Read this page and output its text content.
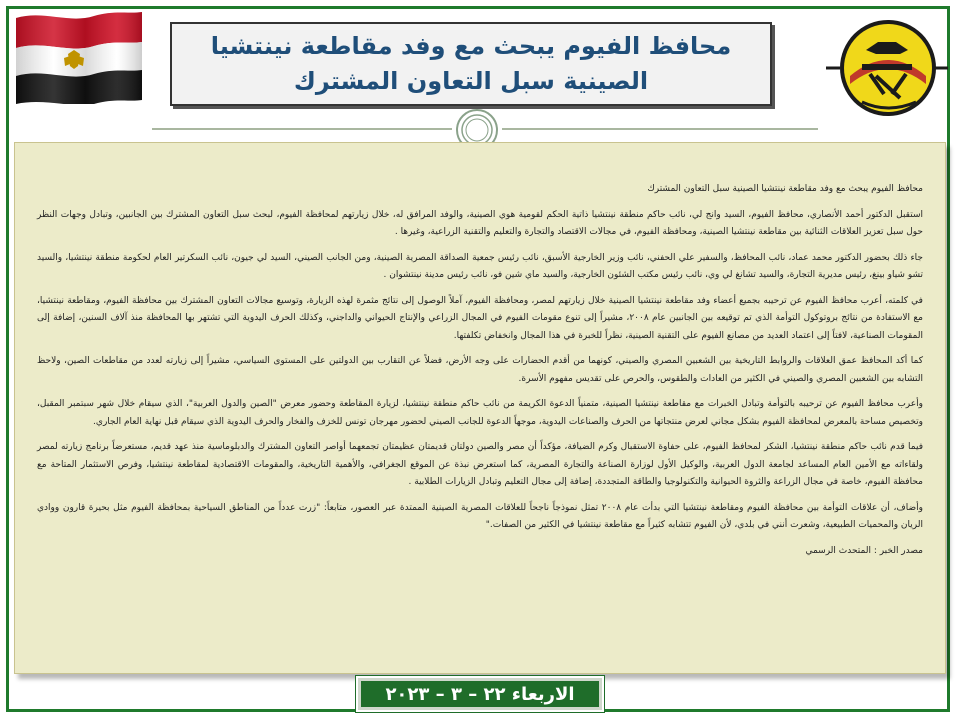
محافظ الفيوم يبحث مع وفد مقاطعة نينتشيا الصينية سبل التعاون المشترك

محافظ الفيوم يبحث مع وفد مقاطعة نينتشيا الصينية سبل التعاون المشترك

استقبل الدكتور أحمد الأنصاري، محافظ الفيوم، السيد وانج لي، نائب حاكم منطقة نينتشيا ذاتية الحكم لقومية هوي الصينية، والوفد المرافق له، خلال زيارتهم لمحافظة الفيوم، لبحث سبل التعاون المشترك بين الجانبين، وتبادل وجهات النظر حول سبل تعزيز العلاقات الثنائية بين مقاطعة نينتشيا الصينية، ومحافظة الفيوم، في مجالات الاقتصاد والتجارة والتعليم والتقنية الزراعية، وغيرها .

جاء ذلك بحضور الدكتور محمد عماد، نائب المحافظ، والسفير علي الحفني، نائب وزير الخارجية الأسبق، نائب رئيس جمعية الصداقة المصرية الصينية، ومن الجانب الصيني، السيد لي جيون، نائب السكرتير العام لحكومة منطقة نينتشيا، والسيد تشو شياو بينغ، رئيس مديرية التجارة، والسيد تشانغ لي وي، نائب رئيس مكتب الشئون الخارجية، والسيد ماي شين فو، نائب رئيس مدينة نينتشوان .

في كلمته، أعرب محافظ الفيوم عن ترحيبه بجميع أعضاء وفد مقاطعة نينتشيا الصينية خلال زيارتهم لمصر، ومحافظة الفيوم، آملاً الوصول إلى نتائج مثمرة لهذه الزيارة، وتوسيع مجالات التعاون المشترك بين محافظة الفيوم، ومقاطعة نينتشيا، مع الاستفادة من نتائج بروتوكول التوأمة الذي تم توقيعه بين الجانبين عام ٢٠٠٨، مشيراً إلى تنوع مقومات الفيوم في المجال الزراعي والإنتاج الحيواني والداجني، وكذلك الحرف اليدوية التي تشتهر بها المحافظة منذ آلاف السنين، إضافة إلى المقومات الصناعية، لافتاً إلى اعتماد العديد من مصانع الفيوم على التقنية الصينية، نظراً للخبرة في هذا المجال وانخفاض تكلفتها.

كما أكد المحافظ عمق العلاقات والروابط التاريخية بين الشعبين المصري والصيني، كونهما من أقدم الحضارات على وجه الأرض، فضلاً عن التقارب بين الدولتين على المستوى السياسي، مشيراً إلى زيارته لعدد من مقاطعات الصين، ولاحظ التشابه بين الشعبين المصري والصيني في الكثير من العادات والطقوس، والحرص على تقديس مفهوم الأسرة.

وأعرب محافظ الفيوم عن ترحيبه بالتوأمة وتبادل الخبرات مع مقاطعة نينتشيا الصينية، متمنياً الدعوة الكريمة من نائب حاكم منطقة نينتشيا، لزيارة المقاطعة وحضور معرض "الصين والدول العربية"، الذي سيقام خلال شهر سبتمبر المقبل، وتخصيص مساحة بالمعرض لمحافظة الفيوم بشكل مجاني لعرض منتجاتها من الحرف والصناعات اليدوية، موجهاً الدعوة للجانب الصيني لحضور مهرجان تونس للخزف والفخار والحرف اليدوية الذي سيقام قبل نهاية العام الجاري.

فيما قدم نائب حاكم منطقة نينتشيا، الشكر لمحافظ الفيوم، على حفاوة الاستقبال وكرم الضيافة، مؤكداً أن مصر والصين دولتان قديمتان عظيمتان تجمعهما أواصر التعاون المشترك والدبلوماسية منذ عهد قديم، مستعرضاً برنامج زيارته لمصر ولقاءاته مع الأمين العام المساعد لجامعة الدول العربية، والوكيل الأول لوزارة الصناعة والتجارة المصرية، كما استعرض نبذة عن الموقع الجغرافي، والأهمية التاريخية، والمقومات الاقتصادية لمقاطعة نينتشيا، وفرص الاستثمار المتاحة مع محافظة الفيوم، خاصة في مجال الزراعة والثروة الحيوانية والتكنولوجيا والطاقة المتجددة، إضافة إلى مجال التعليم وتبادل الزيارات الطلابية .

وأضاف، أن علاقات التوأمة بين محافظة الفيوم ومقاطعة نينتشيا التي بدأت عام ٢٠٠٨ تمثل نموذجاً ناجحاً للعلاقات المصرية الصينية الممتدة عبر العصور، متابعاً: "زرت عدداً من المناطق السياحية بمحافظة الفيوم مثل بحيرة قارون ووادي الريان والمحميات الطبيعية، وشعرت أنني في بلدي، لأن الفيوم تتشابه كثيراً مع مقاطعة نينتشيا في الكثير من الصفات."

مصدر الخبر : المتحدث الرسمي

الاربعاء ٢٢ – ٣ – ٢٠٢٣
